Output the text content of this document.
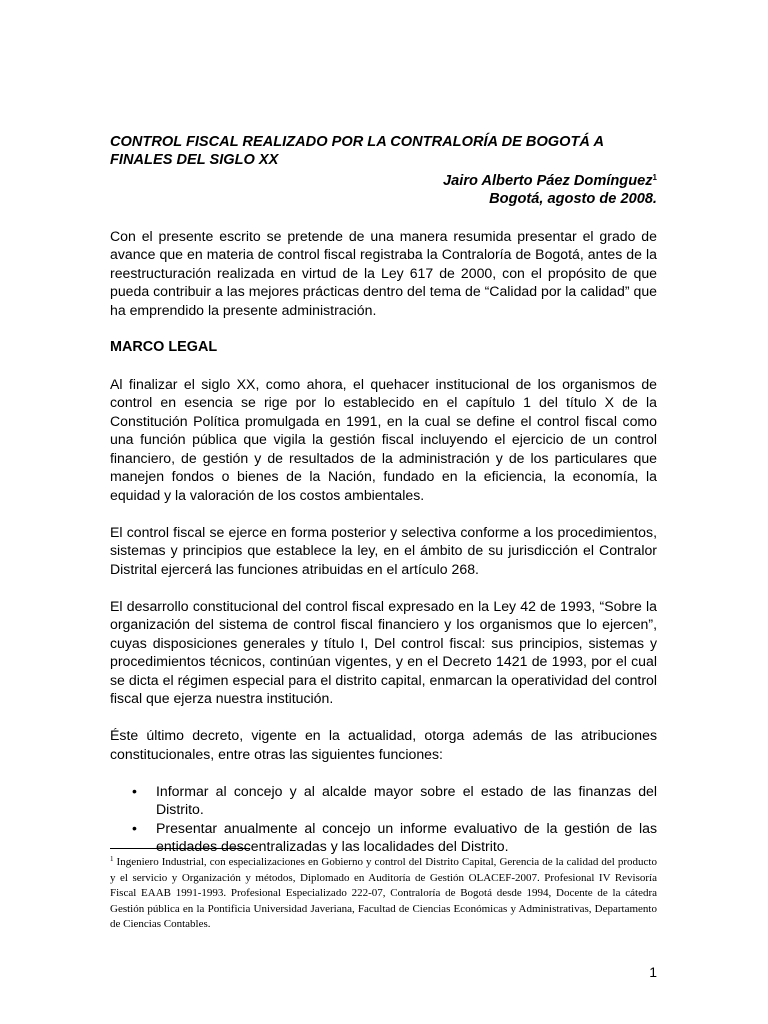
CONTROL FISCAL REALIZADO POR LA CONTRALORÍA DE BOGOTÁ A FINALES DEL SIGLO XX

Jairo Alberto Páez Domínguez$^1$

Bogotá, agosto de 2008.

Con el presente escrito se pretende de una manera resumida presentar el grado de avance que en materia de control fiscal registraba la Contraloría de Bogotá, antes de la reestructuración realizada en virtud de la Ley 617 de 2000, con el propósito de que pueda contribuir a las mejores prácticas dentro del tema de “Calidad por la calidad” que ha emprendido la presente administración.

MARCO LEGAL

Al finalizar el siglo XX, como ahora, el quehacer institucional de los organismos de control en esencia se rige por lo establecido en el capítulo 1 del título X de la Constitución Política promulgada en 1991, en la cual se define el control fiscal como una función pública que vigila la gestión fiscal incluyendo el ejercicio de un control financiero, de gestión y de resultados de la administración y de los particulares que manejen fondos o bienes de la Nación, fundado en la eficiencia, la economía, la equidad y la valoración de los costos ambientales.

El control fiscal se ejerce en forma posterior y selectiva conforme a los procedimientos, sistemas y principios que establece la ley, en el ámbito de su jurisdicción el Contralor Distrital ejercerá las funciones atribuidas en el artículo 268.

El desarrollo constitucional del control fiscal expresado en la Ley 42 de 1993, “Sobre la organización del sistema de control fiscal financiero y los organismos que lo ejercen”, cuyas disposiciones generales y título I, Del control fiscal: sus principios, sistemas y procedimientos técnicos, continúan vigentes, y en el Decreto 1421 de 1993, por el cual se dicta el régimen especial para el distrito capital, enmarcan la operatividad del control fiscal que ejerza nuestra institución.

Éste último decreto, vigente en la actualidad, otorga además de las atribuciones constitucionales, entre otras las siguientes funciones:

• Informar al concejo y al alcalde mayor sobre el estado de las finanzas del Distrito.
• Presentar anualmente al concejo un informe evaluativo de la gestión de las entidades descentralizadas y las localidades del Distrito.
$^1$ Ingeniero Industrial, con especializaciones en Gobierno y control del Distrito Capital, Gerencia de la calidad del producto y el servicio y Organización y métodos, Diplomado en Auditoría de Gestión OLACEF-2007. Profesional IV Revisoría Fiscal EAAB 1991-1993. Profesional Especializado 222-07, Contraloría de Bogotá desde 1994, Docente de la cátedra Gestión pública en la Pontificia Universidad Javeriana, Facultad de Ciencias Económicas y Administrativas, Departamento de Ciencias Contables.
1
